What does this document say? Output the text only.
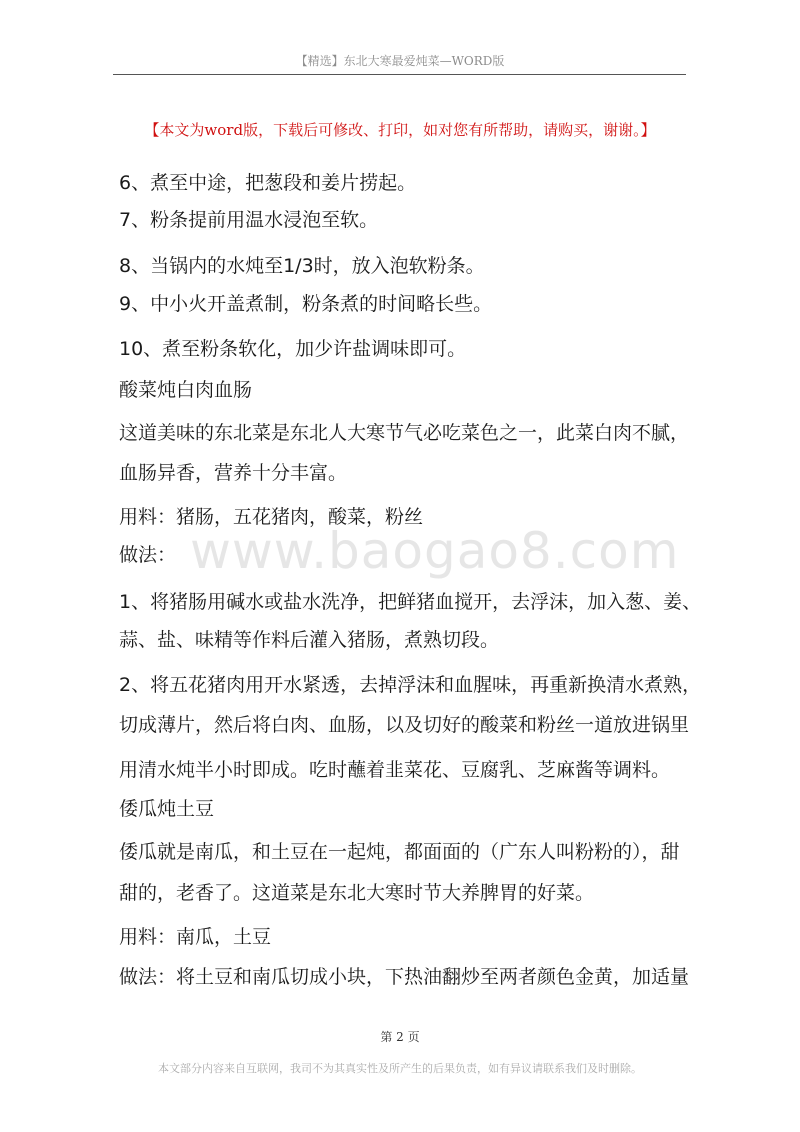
【精选】东北大寒最爱炖菜—WORD版
【本文为word版，下载后可修改、打印，如对您有所帮助，请购买，谢谢。】
www.baogao8.com
6、煮至中途，把葱段和姜片捞起。
7、粉条提前用温水浸泡至软。
8、当锅内的水炖至1/3时，放入泡软粉条。
9、中小火开盖煮制，粉条煮的时间略长些。
10、煮至粉条软化，加少许盐调味即可。
酸菜炖白肉血肠
这道美味的东北菜是东北人大寒节气必吃菜色之一，此菜白肉不腻，
血肠异香，营养十分丰富。
用料：猪肠，五花猪肉，酸菜，粉丝
做法：
1、将猪肠用碱水或盐水洗净，把鲜猪血搅开，去浮沫，加入葱、姜、
蒜、盐、味精等作料后灌入猪肠，煮熟切段。
2、将五花猪肉用开水紧透，去掉浮沫和血腥味，再重新换清水煮熟，
切成薄片，然后将白肉、血肠，以及切好的酸菜和粉丝一道放进锅里
用清水炖半小时即成。吃时蘸着韭菜花、豆腐乳、芝麻酱等调料。
倭瓜炖土豆
倭瓜就是南瓜，和土豆在一起炖，都面面的（广东人叫粉粉的），甜
甜的，老香了。这道菜是东北大寒时节大养脾胃的好菜。
用料：南瓜，土豆
做法：将土豆和南瓜切成小块，下热油翻炒至两者颜色金黄，加适量
第 2 页
本文部分内容来自互联网，我司不为其真实性及所产生的后果负责，如有异议请联系我们及时删除。
